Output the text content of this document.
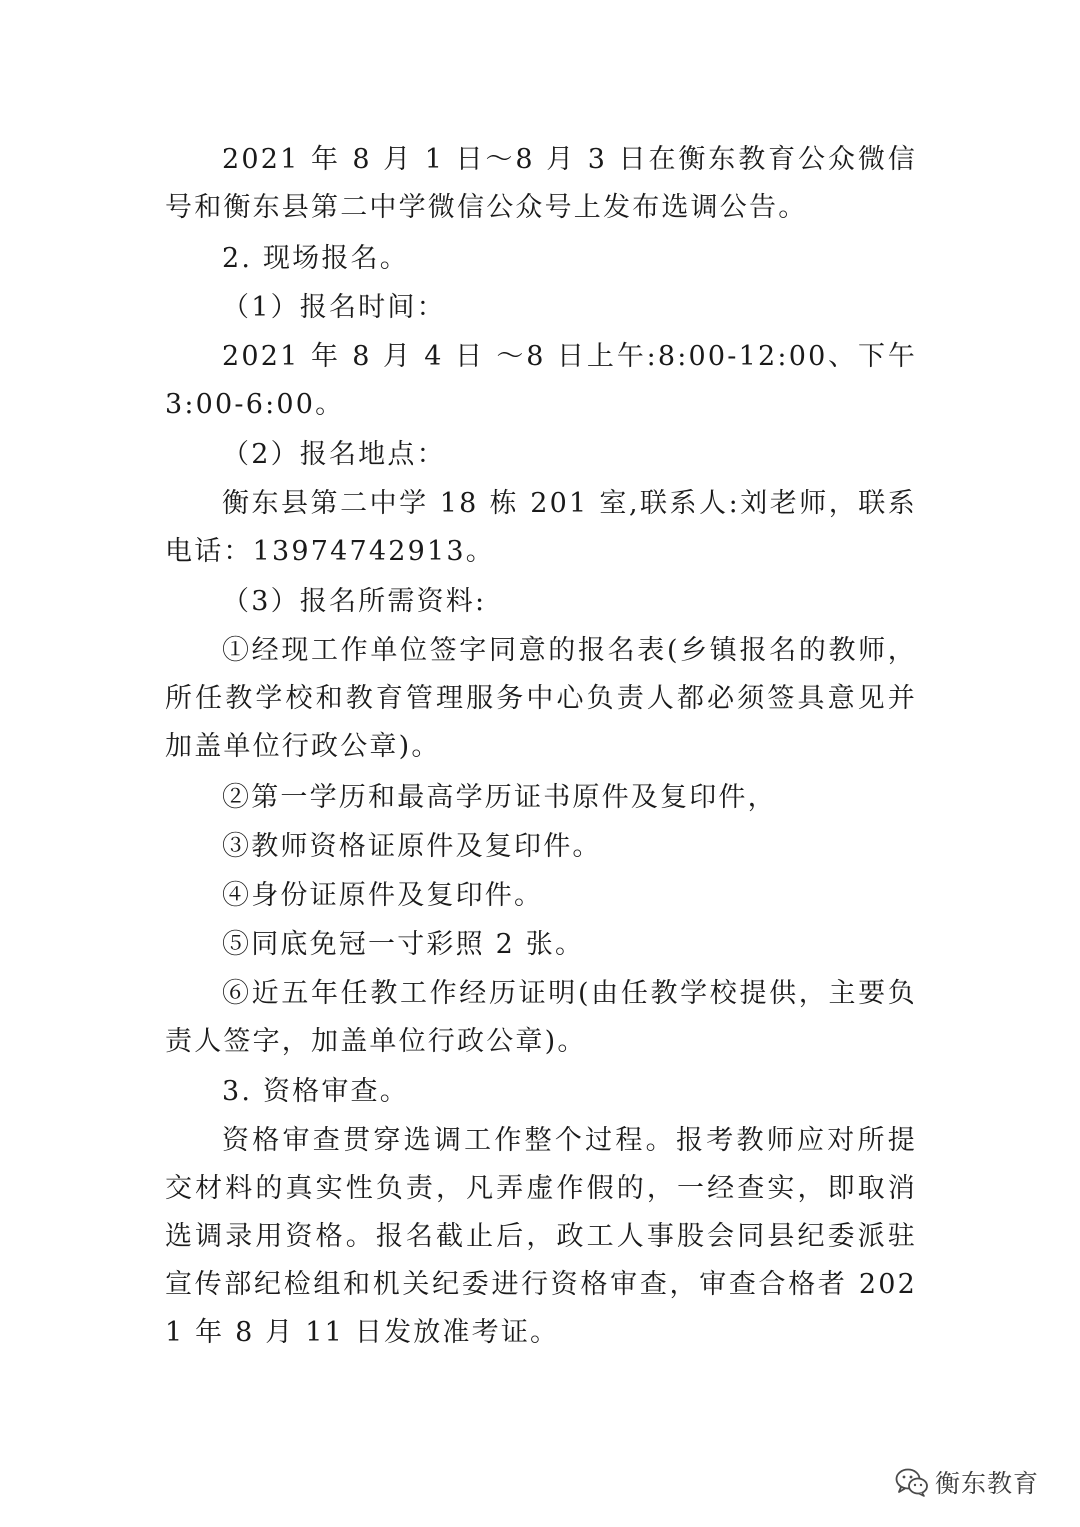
2021 年 8 月 1 日～8 月 3 日在衡东教育公众微信号和衡东县第二中学微信公众号上发布选调公告。

2. 现场报名。

（1）报名时间：

2021 年 8 月 4 日 ～8 日上午:8:00-12:00、下午 3:00-6:00。

（2）报名地点：

衡东县第二中学 18 栋 201 室,联系人:刘老师，联系电话：13974742913。

（3）报名所需资料:

①经现工作单位签字同意的报名表(乡镇报名的教师，所任教学校和教育管理服务中心负责人都必须签具意见并加盖单位行政公章)。

②第一学历和最高学历证书原件及复印件，

③教师资格证原件及复印件。

④身份证原件及复印件。

⑤同底免冠一寸彩照 2 张。

⑥近五年任教工作经历证明(由任教学校提供，主要负责人签字，加盖单位行政公章)。

3. 资格审查。

资格审查贯穿选调工作整个过程。报考教师应对所提交材料的真实性负责，凡弄虚作假的，一经查实，即取消选调录用资格。报名截止后，政工人事股会同县纪委派驻宣传部纪检组和机关纪委进行资格审查，审查合格者 2021 年 8 月 11 日发放准考证。

衡东教育
